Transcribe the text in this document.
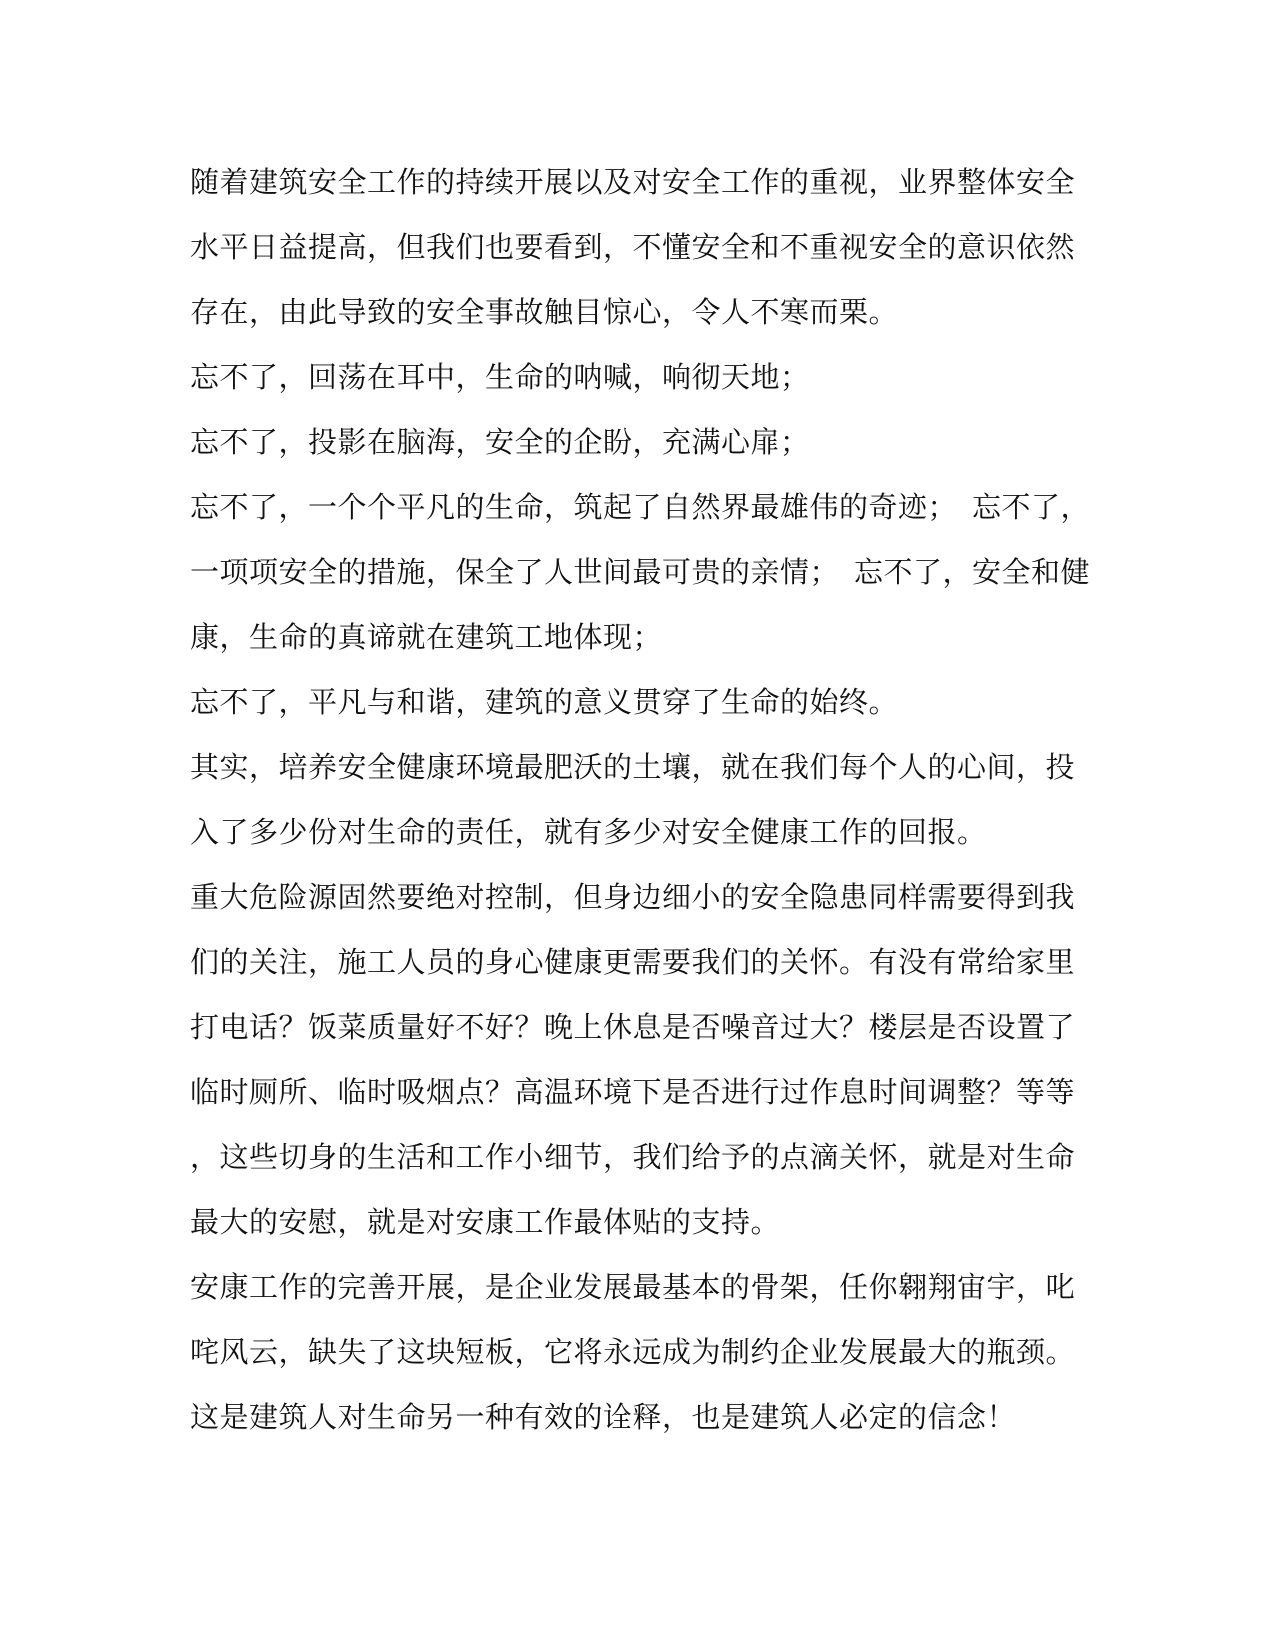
随着建筑安全工作的持续开展以及对安全工作的重视，业界整体安全
水平日益提高，但我们也要看到，不懂安全和不重视安全的意识依然
存在，由此导致的安全事故触目惊心，令人不寒而栗。

忘不了，回荡在耳中，生命的呐喊，响彻天地；

忘不了，投影在脑海，安全的企盼，充满心扉；

忘不了，一个个平凡的生命，筑起了自然界最雄伟的奇迹；　忘不了，
一项项安全的措施，保全了人世间最可贵的亲情；　忘不了，安全和健
康，生命的真谛就在建筑工地体现；

忘不了，平凡与和谐，建筑的意义贯穿了生命的始终。

其实，培养安全健康环境最肥沃的土壤，就在我们每个人的心间，投
入了多少份对生命的责任，就有多少对安全健康工作的回报。

重大危险源固然要绝对控制，但身边细小的安全隐患同样需要得到我
们的关注，施工人员的身心健康更需要我们的关怀。有没有常给家里
打电话？饭菜质量好不好？晚上休息是否噪音过大？楼层是否设置了
临时厕所、临时吸烟点？高温环境下是否进行过作息时间调整？等等
，这些切身的生活和工作小细节，我们给予的点滴关怀，就是对生命
最大的安慰，就是对安康工作最体贴的支持。

安康工作的完善开展，是企业发展最基本的骨架，任你翱翔宙宇，叱
咤风云，缺失了这块短板，它将永远成为制约企业发展最大的瓶颈。

这是建筑人对生命另一种有效的诠释，也是建筑人必定的信念！
